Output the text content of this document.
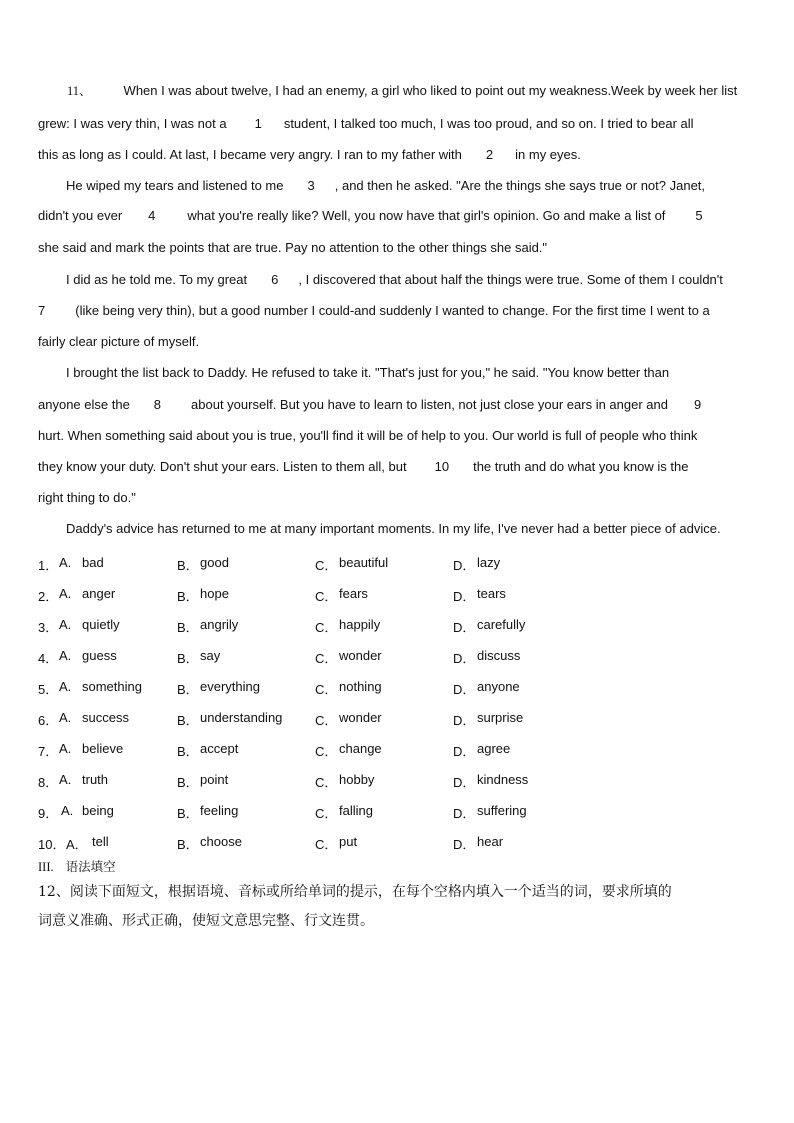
11、 When I was about twelve, I had an enemy, a girl who liked to point out my weakness.Week by week her list
grew: I was very thin, I was not a 1 student, I talked too much, I was too proud, and so on. I tried to bear all
this as long as I could. At last, I became very angry. I ran to my father with 2 in my eyes.
He wiped my tears and listened to me 3 , and then he asked. "Are the things she says true or not? Janet,
didn't you ever 4 what you're really like? Well, you now have that girl's opinion. Go and make a list of 5
she said and mark the points that are true. Pay no attention to the other things she said."
I did as he told me. To my great 6 , I discovered that about half the things were true. Some of them I couldn't
7 (like being very thin), but a good number I could-and suddenly I wanted to change. For the first time I went to a
fairly clear picture of myself.
I brought the list back to Daddy. He refused to take it. "That's just for you," he said. "You know better than
anyone else the 8 about yourself. But you have to learn to listen, not just close your ears in anger and 9
hurt. When something said about you is true, you'll find it will be of help to you. Our world is full of people who think
they know your duty. Don't shut your ears. Listen to them all, but 10 the truth and do what you know is the
right thing to do."
Daddy's advice has returned to me at many important moments. In my life, I've never had a better piece of advice.
1． A. bad	B． good	C． beautiful	D． lazy
2． A. anger	B． hope	C． fears	D． tears
3． A. quietly	B． angrily	C． happily	D． carefully
4． A. guess	B． say	C． wonder	D． discuss
5． A. something	B． everything	C． nothing	D． anyone
6． A. success	B． understanding	C． wonder	D． surprise
7． A. believe	B． accept	C． change	D． agree
8． A. truth	B． point	C． hobby	D． kindness
9． A. being	B． feeling	C． falling	D． suffering
10． A． tell	B． choose	C． put	D． hear
III. 语法填空
12、阅读下面短文，根据语境、音标或所给单词的提示，在每个空格内填入一个适当的词，要求所填的
词意义准确、形式正确，使短文意思完整、行文连贯。
